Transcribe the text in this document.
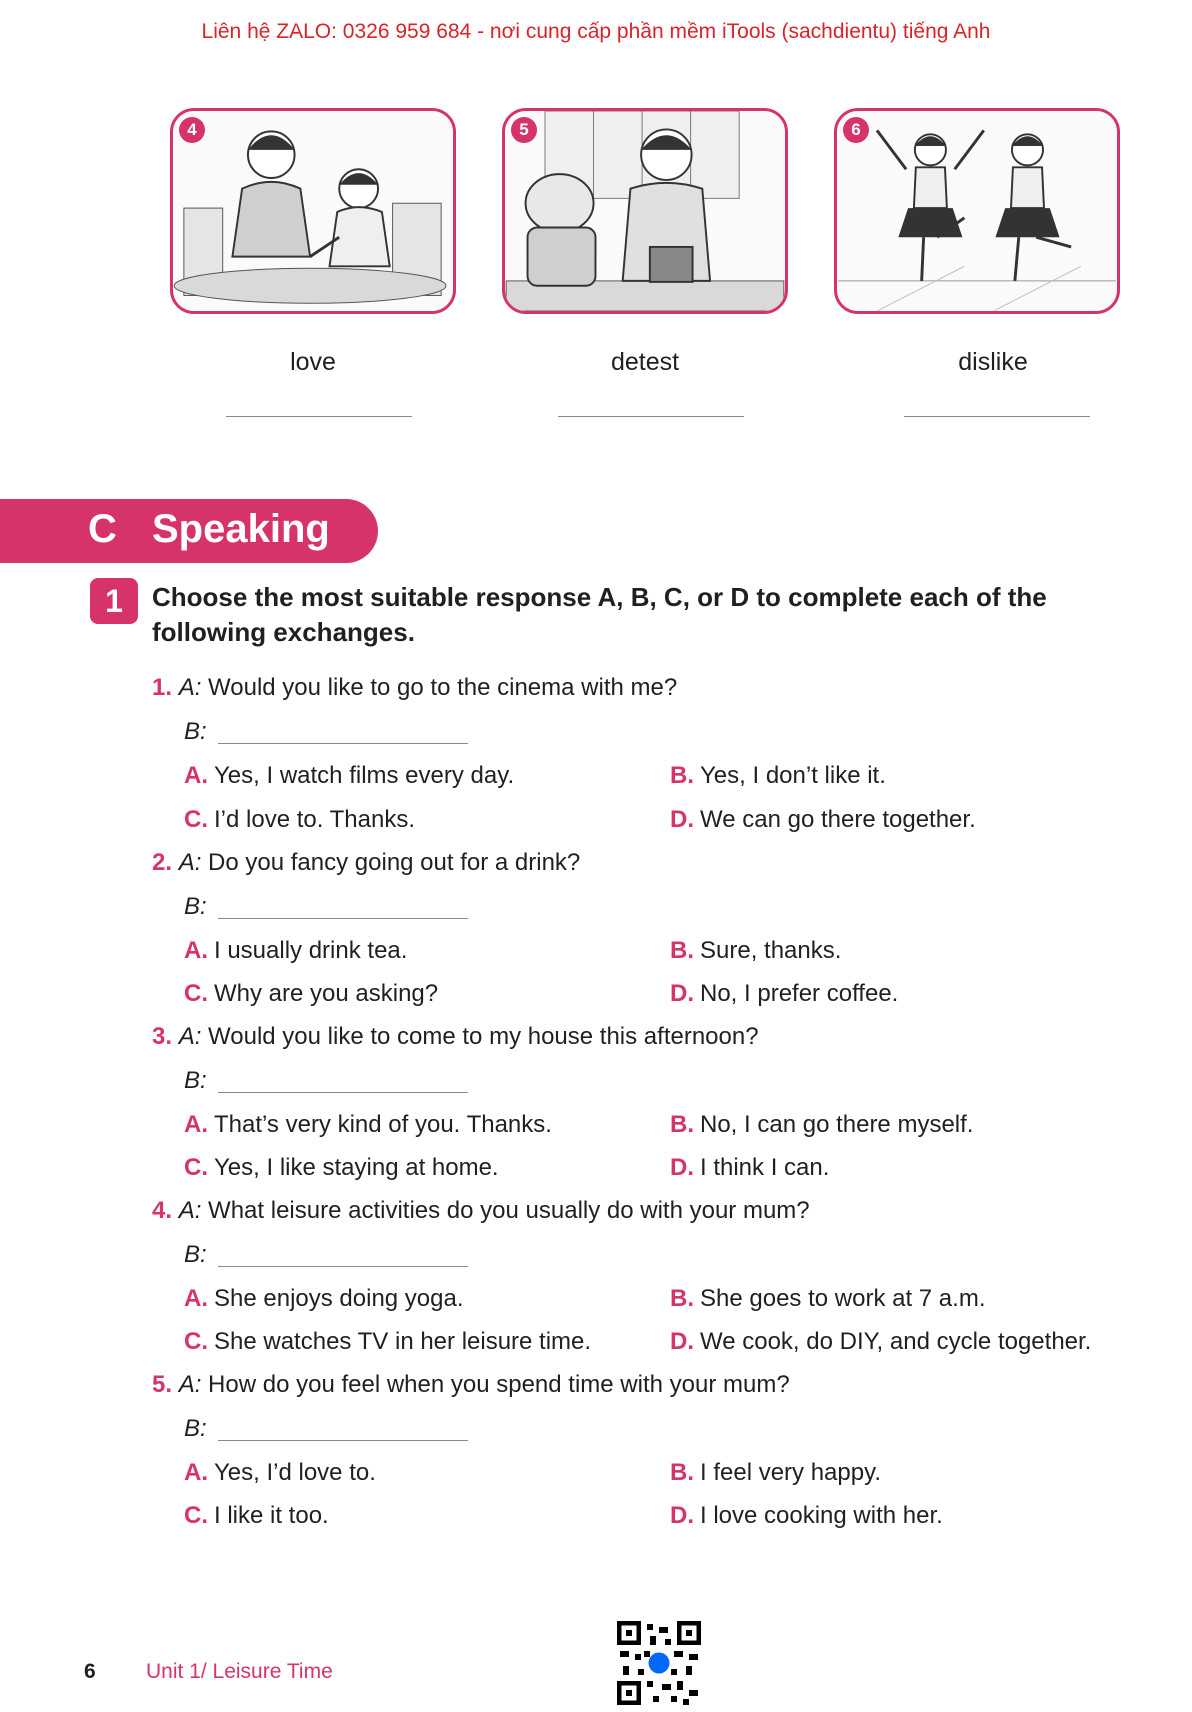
Liên hệ ZALO: 0326 959 684 - nơi cung cấp phần mềm iTools (sachdientu) tiếng Anh
4	5	6
love	detest	dislike
C Speaking
1	Choose the most suitable response A, B, C, or D to complete each of the following exchanges.
1. A: Would you like to go to the cinema with me?
B:
A. Yes, I watch films every day.	B. Yes, I don’t like it.
C. I’d love to. Thanks.	D. We can go there together.
2. A: Do you fancy going out for a drink?
B:
A. I usually drink tea.	B. Sure, thanks.
C. Why are you asking?	D. No, I prefer coffee.
3. A: Would you like to come to my house this afternoon?
B:
A. That’s very kind of you. Thanks.	B. No, I can go there myself.
C. Yes, I like staying at home.	D. I think I can.
4. A: What leisure activities do you usually do with your mum?
B:
A. She enjoys doing yoga.	B. She goes to work at 7 a.m.
C. She watches TV in her leisure time.	D. We cook, do DIY, and cycle together.
5. A: How do you feel when you spend time with your mum?
B:
A. Yes, I’d love to.	B. I feel very happy.
C. I like it too.	D. I love cooking with her.
6 Unit 1/ Leisure Time
